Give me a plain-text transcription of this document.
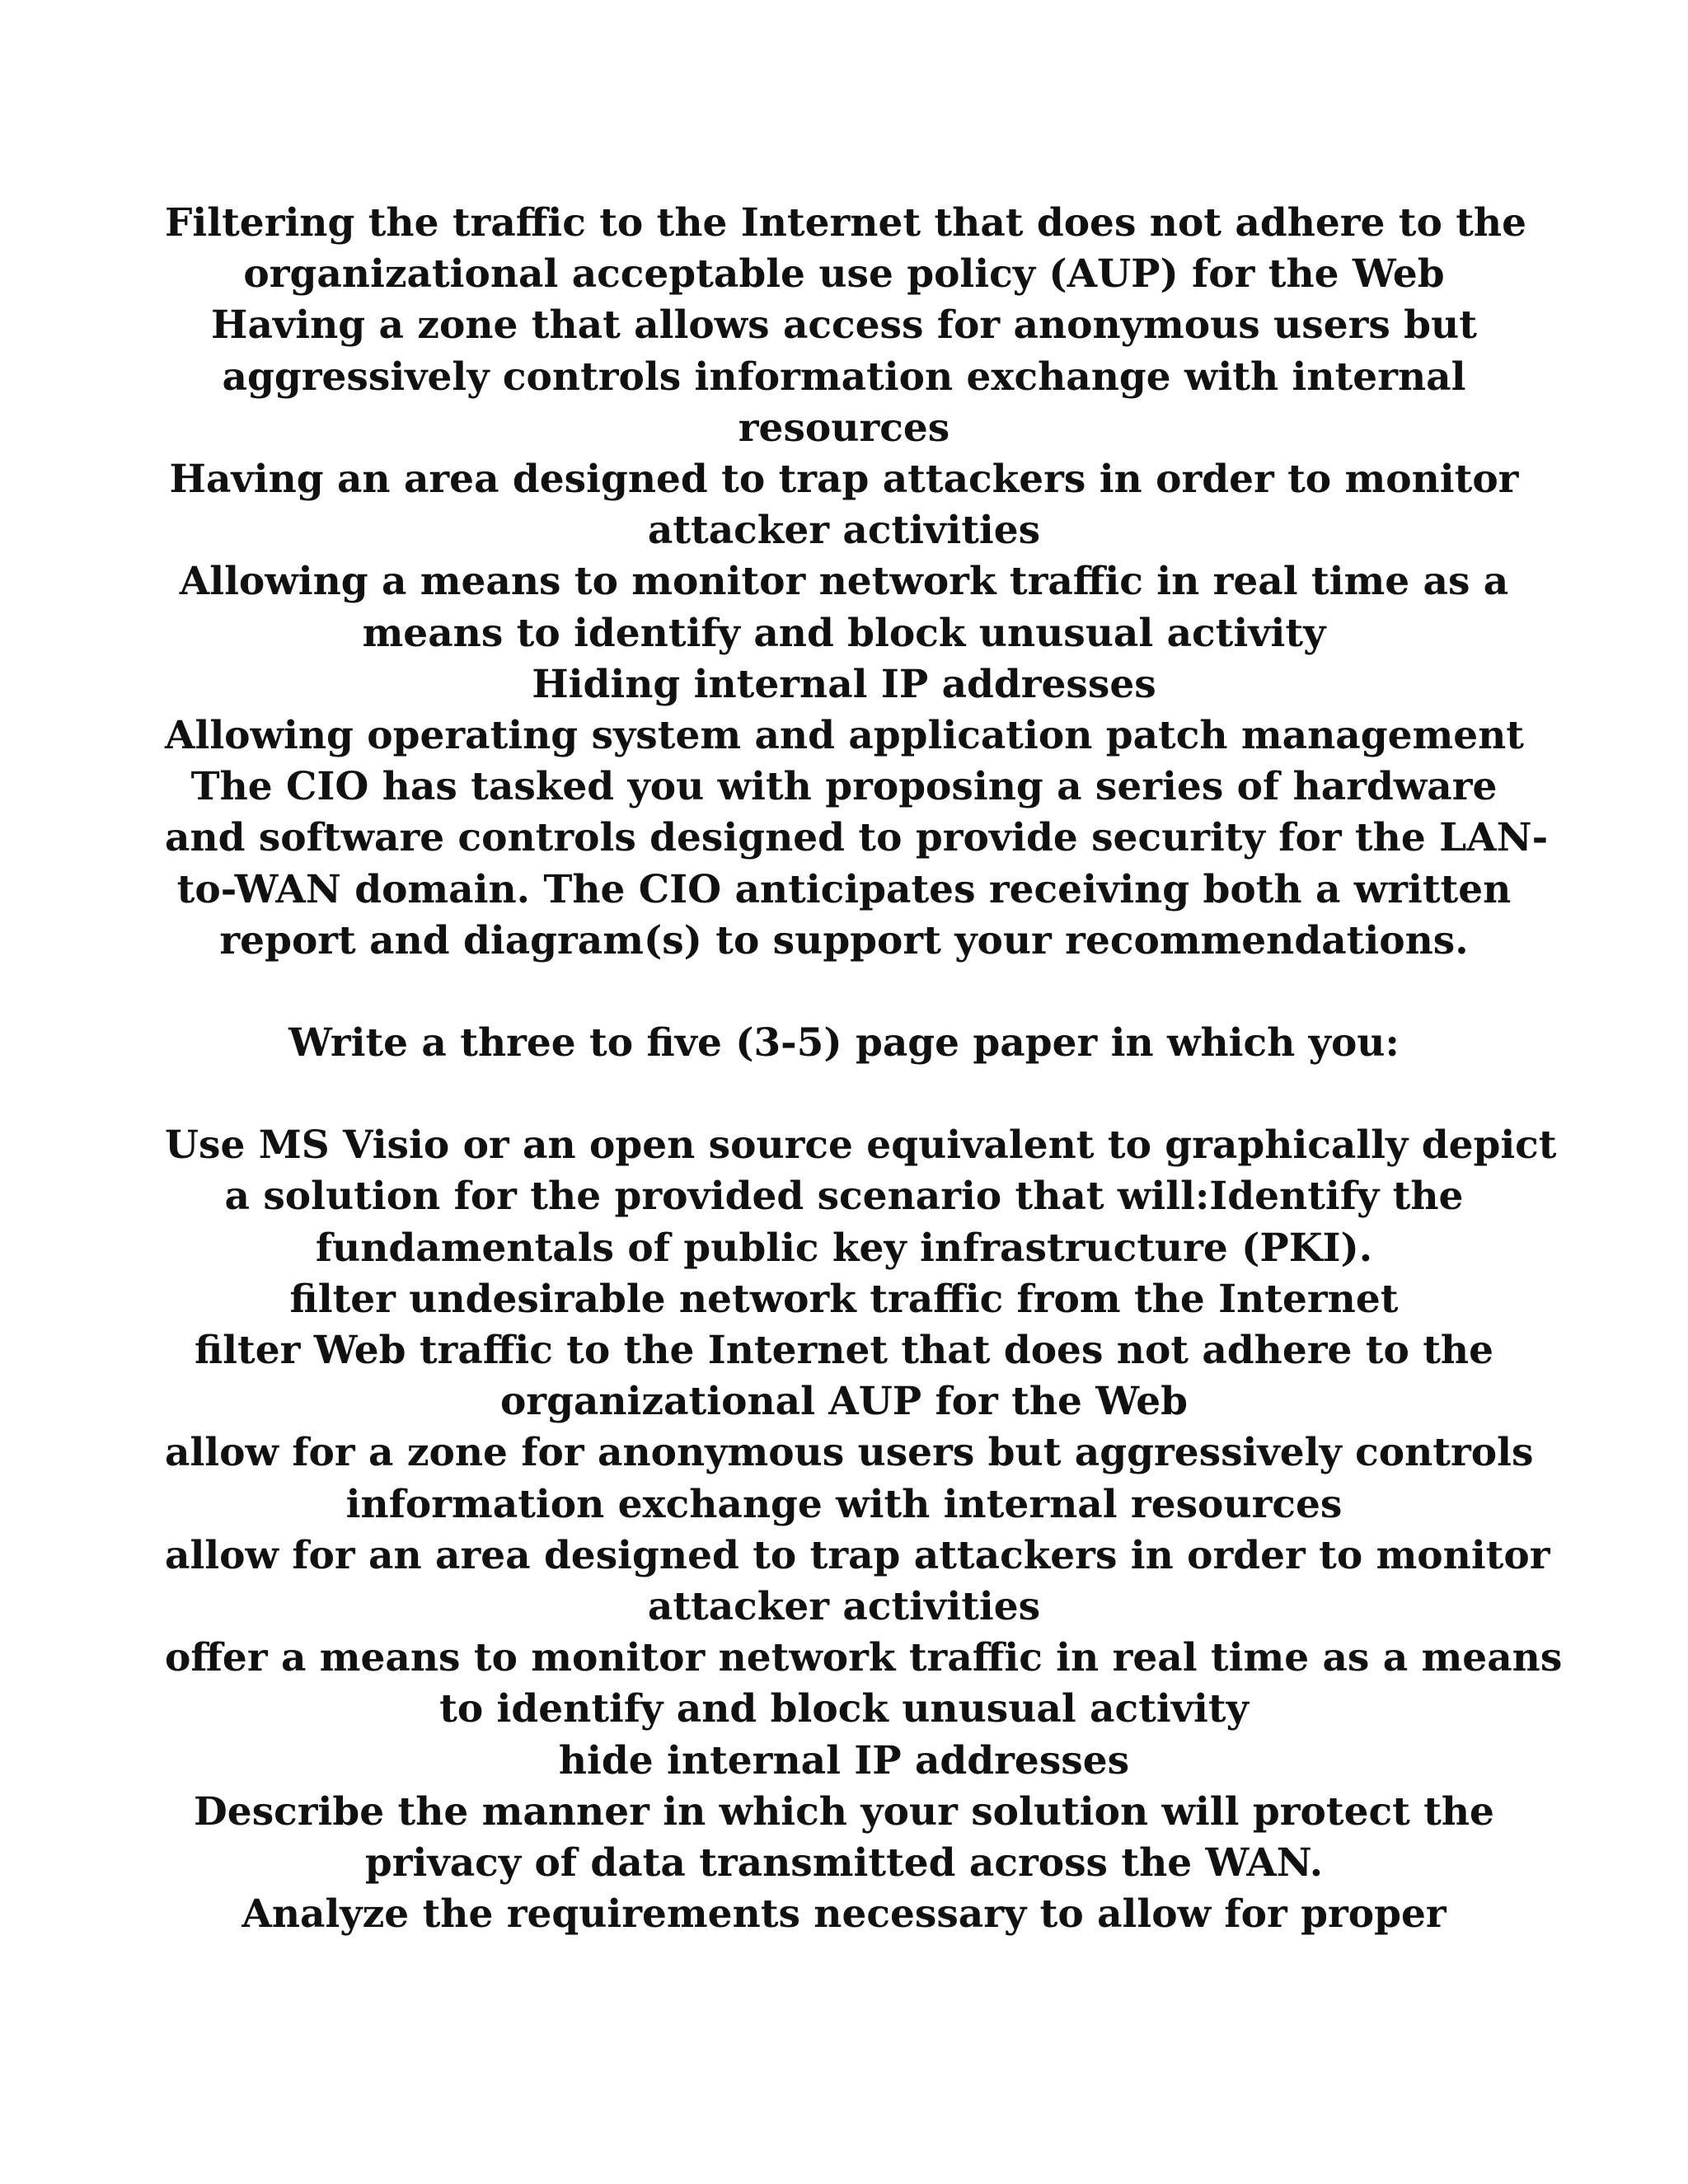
Filtering the traffic to the Internet that does not adhere to the
organizational acceptable use policy (AUP) for the Web
Having a zone that allows access for anonymous users but
aggressively controls information exchange with internal
resources
Having an area designed to trap attackers in order to monitor
attacker activities
Allowing a means to monitor network traffic in real time as a
means to identify and block unusual activity
Hiding internal IP addresses
Allowing operating system and application patch management
The CIO has tasked you with proposing a series of hardware
and software controls designed to provide security for the LAN-
to-WAN domain. The CIO anticipates receiving both a written
report and diagram(s) to support your recommendations.
Write a three to five (3-5) page paper in which you:
Use MS Visio or an open source equivalent to graphically depict
a solution for the provided scenario that will:Identify the
fundamentals of public key infrastructure (PKI).
filter undesirable network traffic from the Internet
filter Web traffic to the Internet that does not adhere to the
organizational AUP for the Web
allow for a zone for anonymous users but aggressively controls
information exchange with internal resources
allow for an area designed to trap attackers in order to monitor
attacker activities
offer a means to monitor network traffic in real time as a means
to identify and block unusual activity
hide internal IP addresses
Describe the manner in which your solution will protect the
privacy of data transmitted across the WAN.
Analyze the requirements necessary to allow for proper
